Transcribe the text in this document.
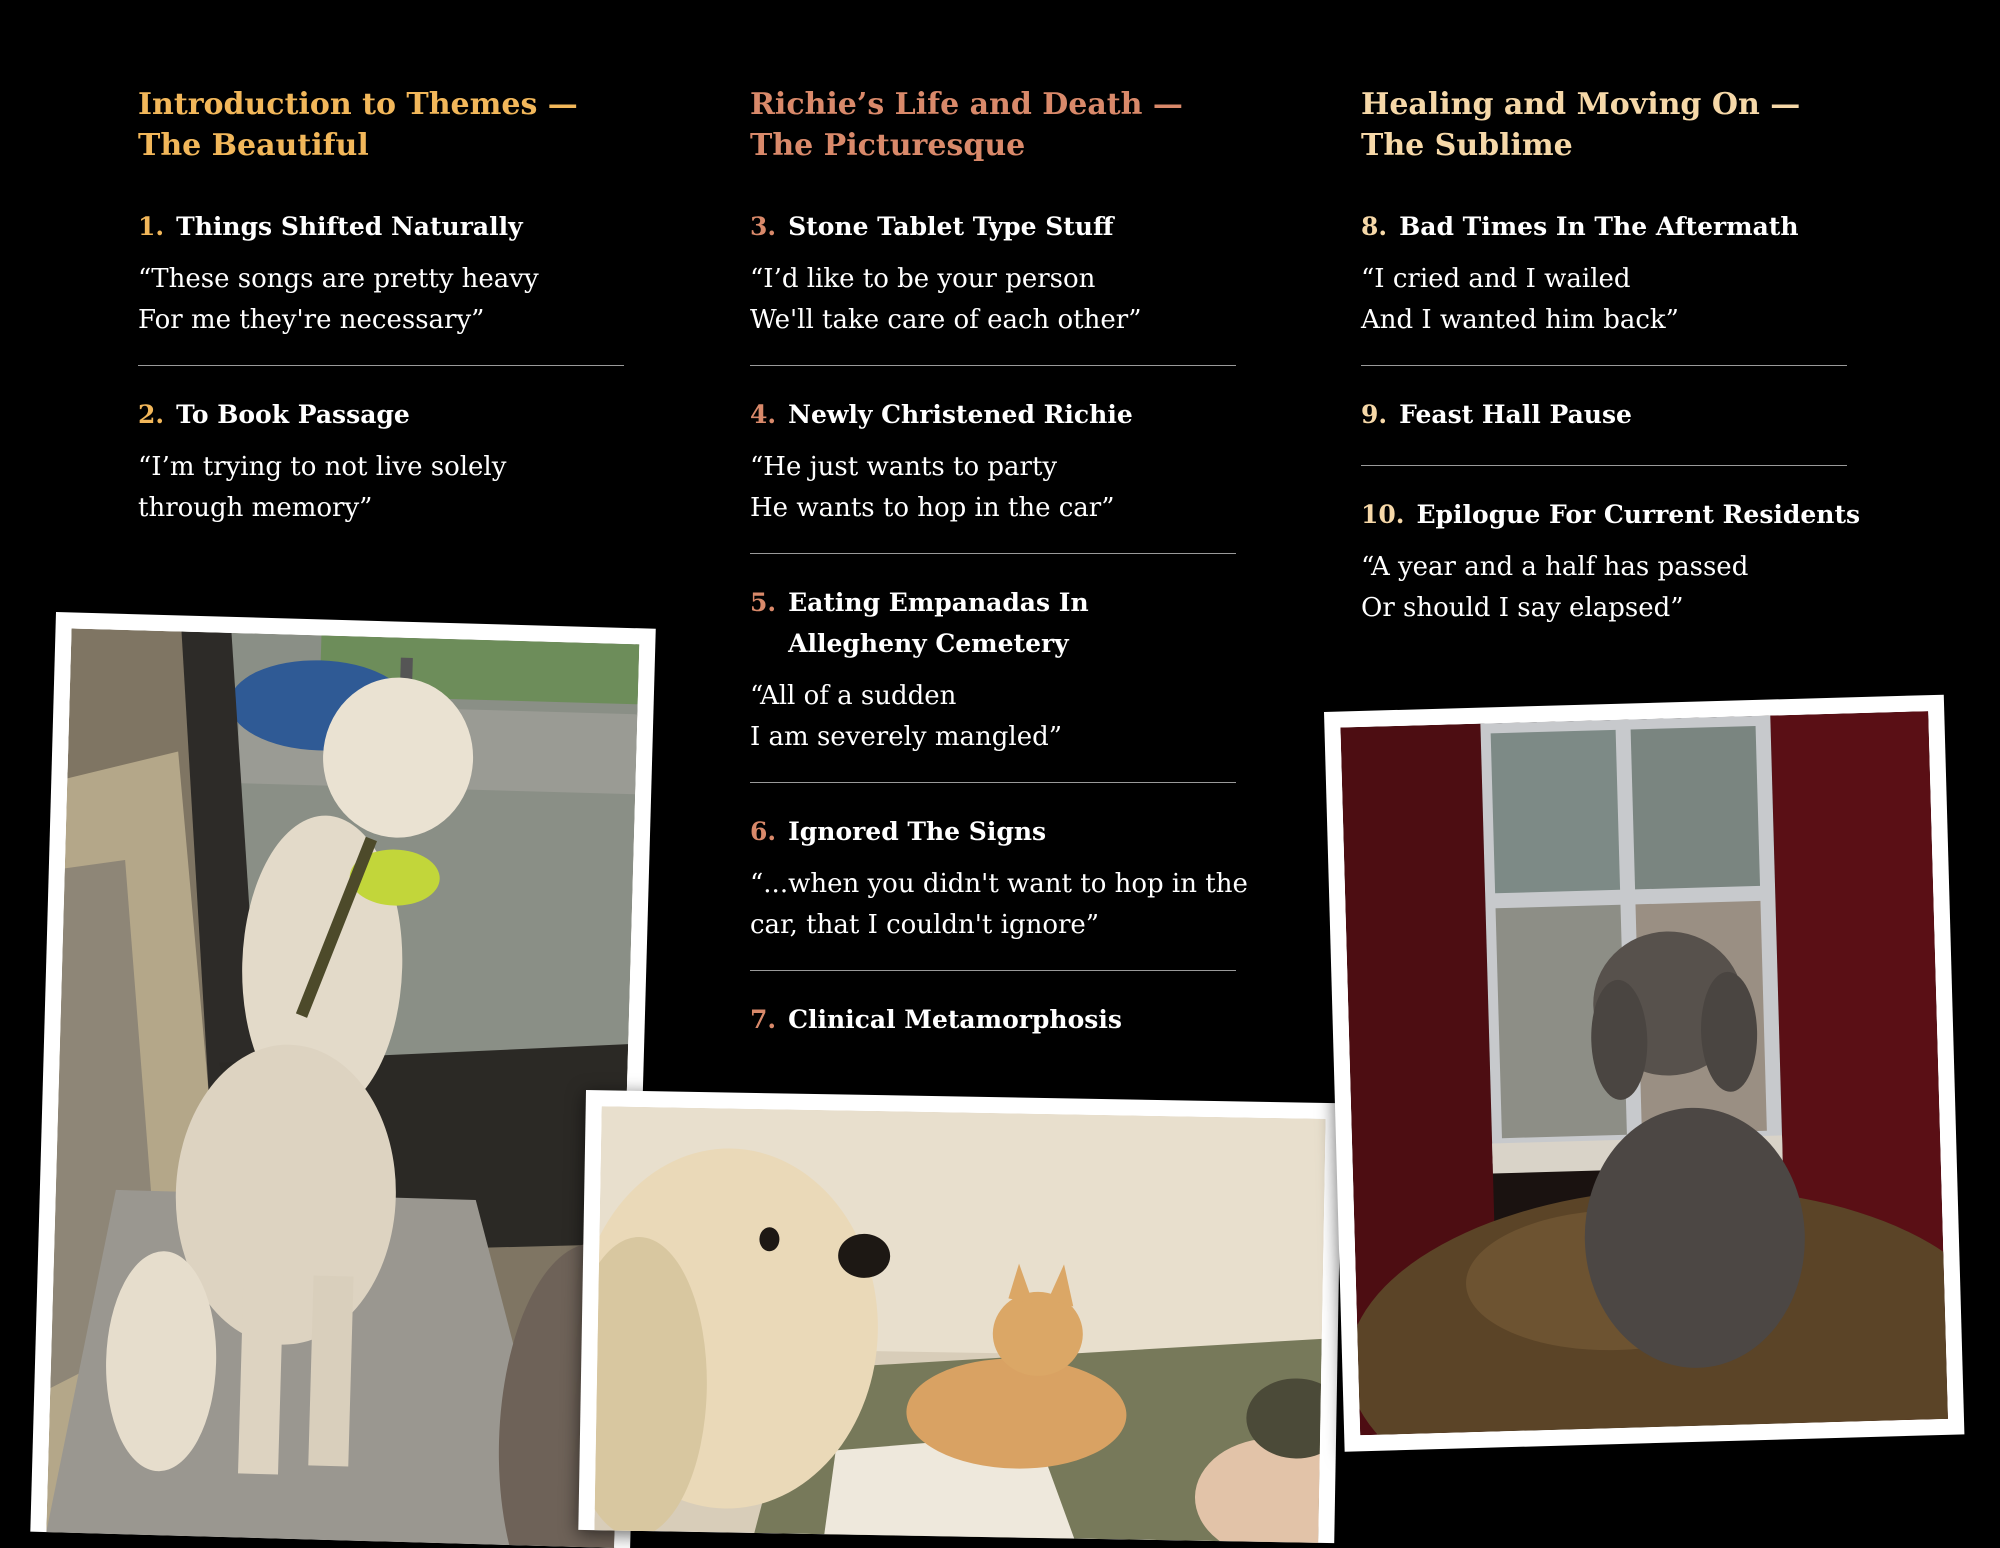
Introduction to Themes —
The Beautiful

1. Things Shifted Naturally

“These songs are pretty heavy
For me they're necessary”

2. To Book Passage

“I’m trying to not live solely
through memory”

Richie’s Life and Death —
The Picturesque

3. Stone Tablet Type Stuff

“I’d like to be your person
We'll take care of each other”

4. Newly Christened Richie

“He just wants to party
He wants to hop in the car”

5. Eating Empanadas In
Allegheny Cemetery

“All of a sudden
I am severely mangled”

6. Ignored The Signs

“...when you didn't want to hop in the
car, that I couldn't ignore”

7. Clinical Metamorphosis

Healing and Moving On —
The Sublime

8. Bad Times In The Aftermath

“I cried and I wailed
And I wanted him back”

9. Feast Hall Pause

10. Epilogue For Current Residents

“A year and a half has passed
Or should I say elapsed”
